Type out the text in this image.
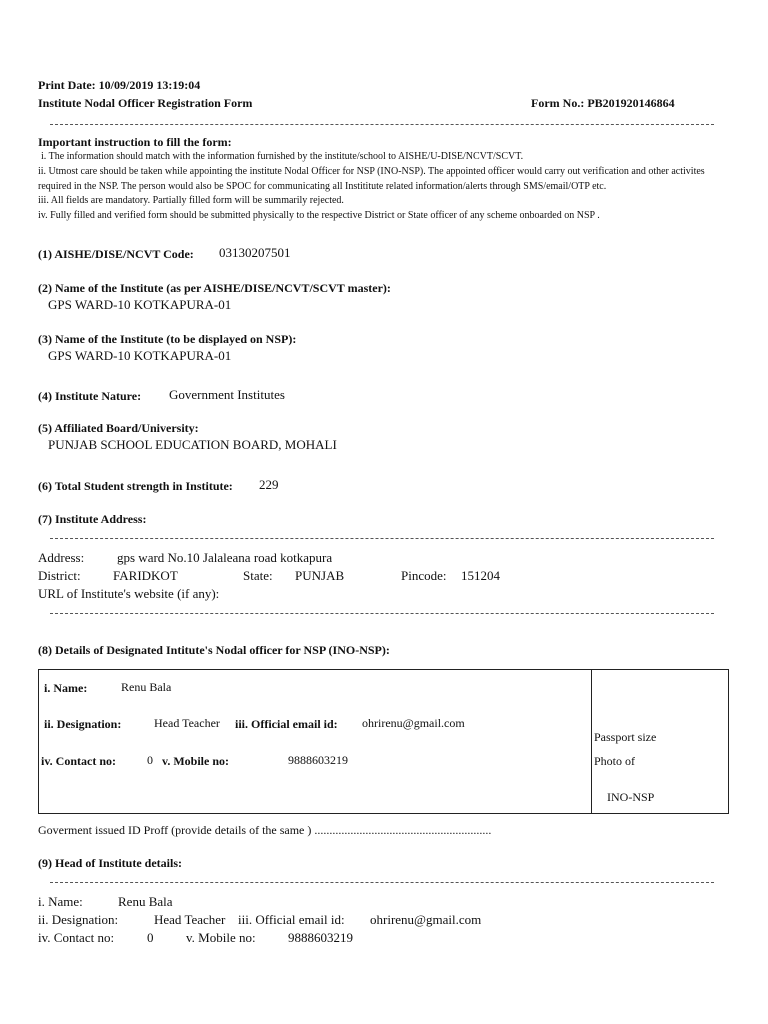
Print Date: 10/09/2019 13:19:04
Institute Nodal Officer Registration Form	Form No.: PB201920146864
Important instruction to fill the form:
i. The information should match with the information furnished by the institute/school to AISHE/U-DISE/NCVT/SCVT.
ii. Utmost care should be taken while appointing the institute Nodal Officer for NSP (INO-NSP). The appointed officer would carry out verification and other activites
required in the NSP. The person would also be SPOC for communicating all Instititute related information/alerts through SMS/email/OTP etc.
iii. All fields are mandatory. Partially filled form will be summarily rejected.
iv. Fully filled and verified form should be submitted physically to the respective District or State officer of any scheme onboarded on NSP .
(1) AISHE/DISE/NCVT Code: 03130207501
(2) Name of the Institute (as per AISHE/DISE/NCVT/SCVT master):
GPS WARD-10 KOTKAPURA-01
(3) Name of the Institute (to be displayed on NSP):
GPS WARD-10 KOTKAPURA-01
(4) Institute Nature: Government Institutes
(5) Affiliated Board/University:
PUNJAB SCHOOL EDUCATION BOARD, MOHALI
(6) Total Student strength in Institute: 229
(7) Institute Address:
Address:	gps ward No.10 Jalaleana road kotkapura
District: FARIDKOT	State: PUNJAB	Pincode: 151204
URL of Institute's website (if any):
(8) Details of Designated Intitute's Nodal officer for NSP (INO-NSP):
i. Name:	Renu Bala
ii. Designation:	Head Teacher iii. Official email id: ohrirenu@gmail.com
iv. Contact no:	0 v. Mobile no:	9888603219
Passport size
Photo of
INO-NSP
Goverment issued ID Proff (provide details of the same ) ...........................................................
(9) Head of Institute details:
i. Name:	Renu Bala
ii. Designation:	Head Teacher iii. Official email id: ohrirenu@gmail.com
iv. Contact no:	0	v. Mobile no: 9888603219
